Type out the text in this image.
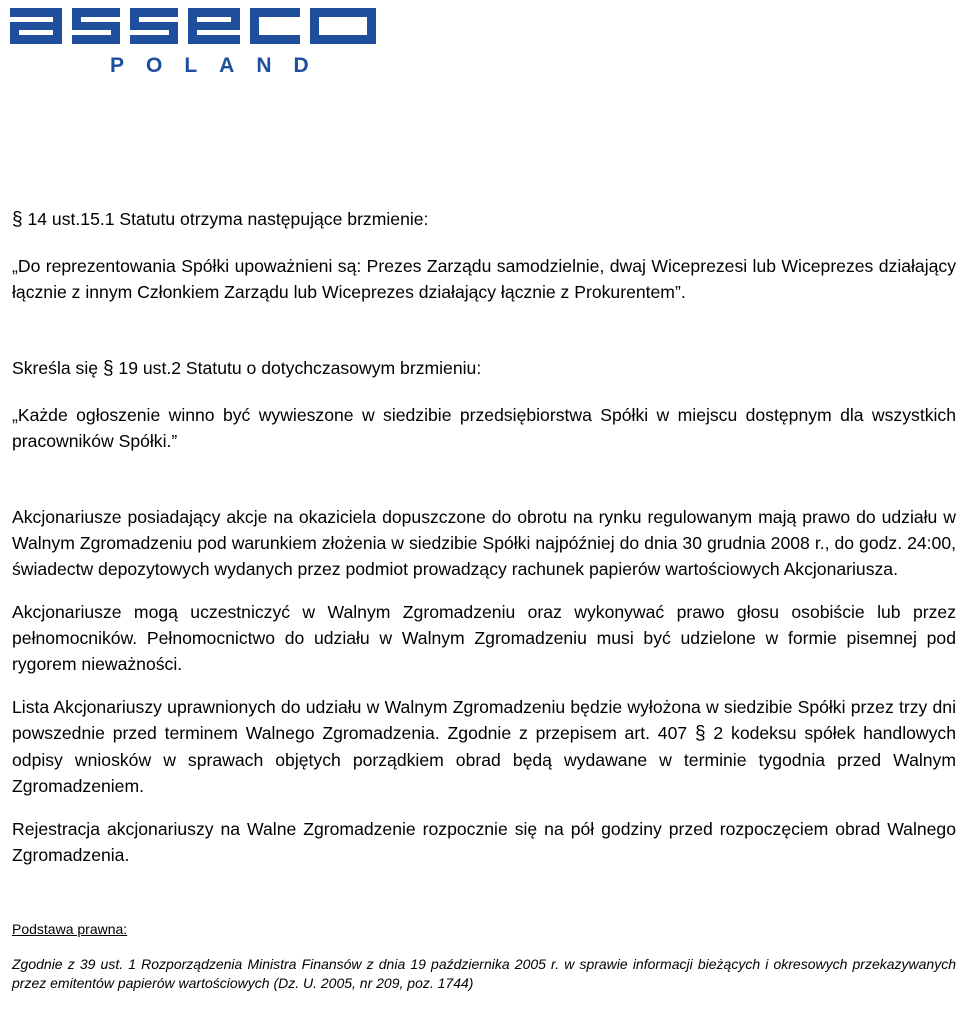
POLAND

§ 14 ust.15.1 Statutu otrzyma następujące brzmienie:

„Do reprezentowania Spółki upoważnieni są: Prezes Zarządu samodzielnie, dwaj Wiceprezesi lub Wiceprezes działający łącznie z innym Członkiem Zarządu lub Wiceprezes działający łącznie z Prokurentem”.

Skreśla się § 19 ust.2 Statutu o dotychczasowym brzmieniu:

„Każde ogłoszenie winno być wywieszone w siedzibie przedsiębiorstwa Spółki w miejscu dostępnym dla wszystkich pracowników Spółki.”

Akcjonariusze posiadający akcje na okaziciela dopuszczone do obrotu na rynku regulowanym mają prawo do udziału w Walnym Zgromadzeniu pod warunkiem złożenia w siedzibie Spółki najpóźniej do dnia 30 grudnia 2008 r., do godz. 24:00, świadectw depozytowych wydanych przez podmiot prowadzący rachunek papierów wartościowych Akcjonariusza.

Akcjonariusze mogą uczestniczyć w Walnym Zgromadzeniu oraz wykonywać prawo głosu osobiście lub przez pełnomocników. Pełnomocnictwo do udziału w Walnym Zgromadzeniu musi być udzielone w formie pisemnej pod rygorem nieważności.

Lista Akcjonariuszy uprawnionych do udziału w Walnym Zgromadzeniu będzie wyłożona w siedzibie Spółki przez trzy dni powszednie przed terminem Walnego Zgromadzenia. Zgodnie z przepisem art. 407 § 2 kodeksu spółek handlowych odpisy wniosków w sprawach objętych porządkiem obrad będą wydawane w terminie tygodnia przed Walnym Zgromadzeniem.

Rejestracja akcjonariuszy na Walne Zgromadzenie rozpocznie się na pół godziny przed rozpoczęciem obrad Walnego Zgromadzenia.

Podstawa prawna:

Zgodnie z 39 ust. 1 Rozporządzenia Ministra Finansów z dnia 19 października 2005 r. w sprawie informacji bieżących i okresowych przekazywanych przez emitentów papierów wartościowych (Dz. U. 2005, nr 209, poz. 1744)
